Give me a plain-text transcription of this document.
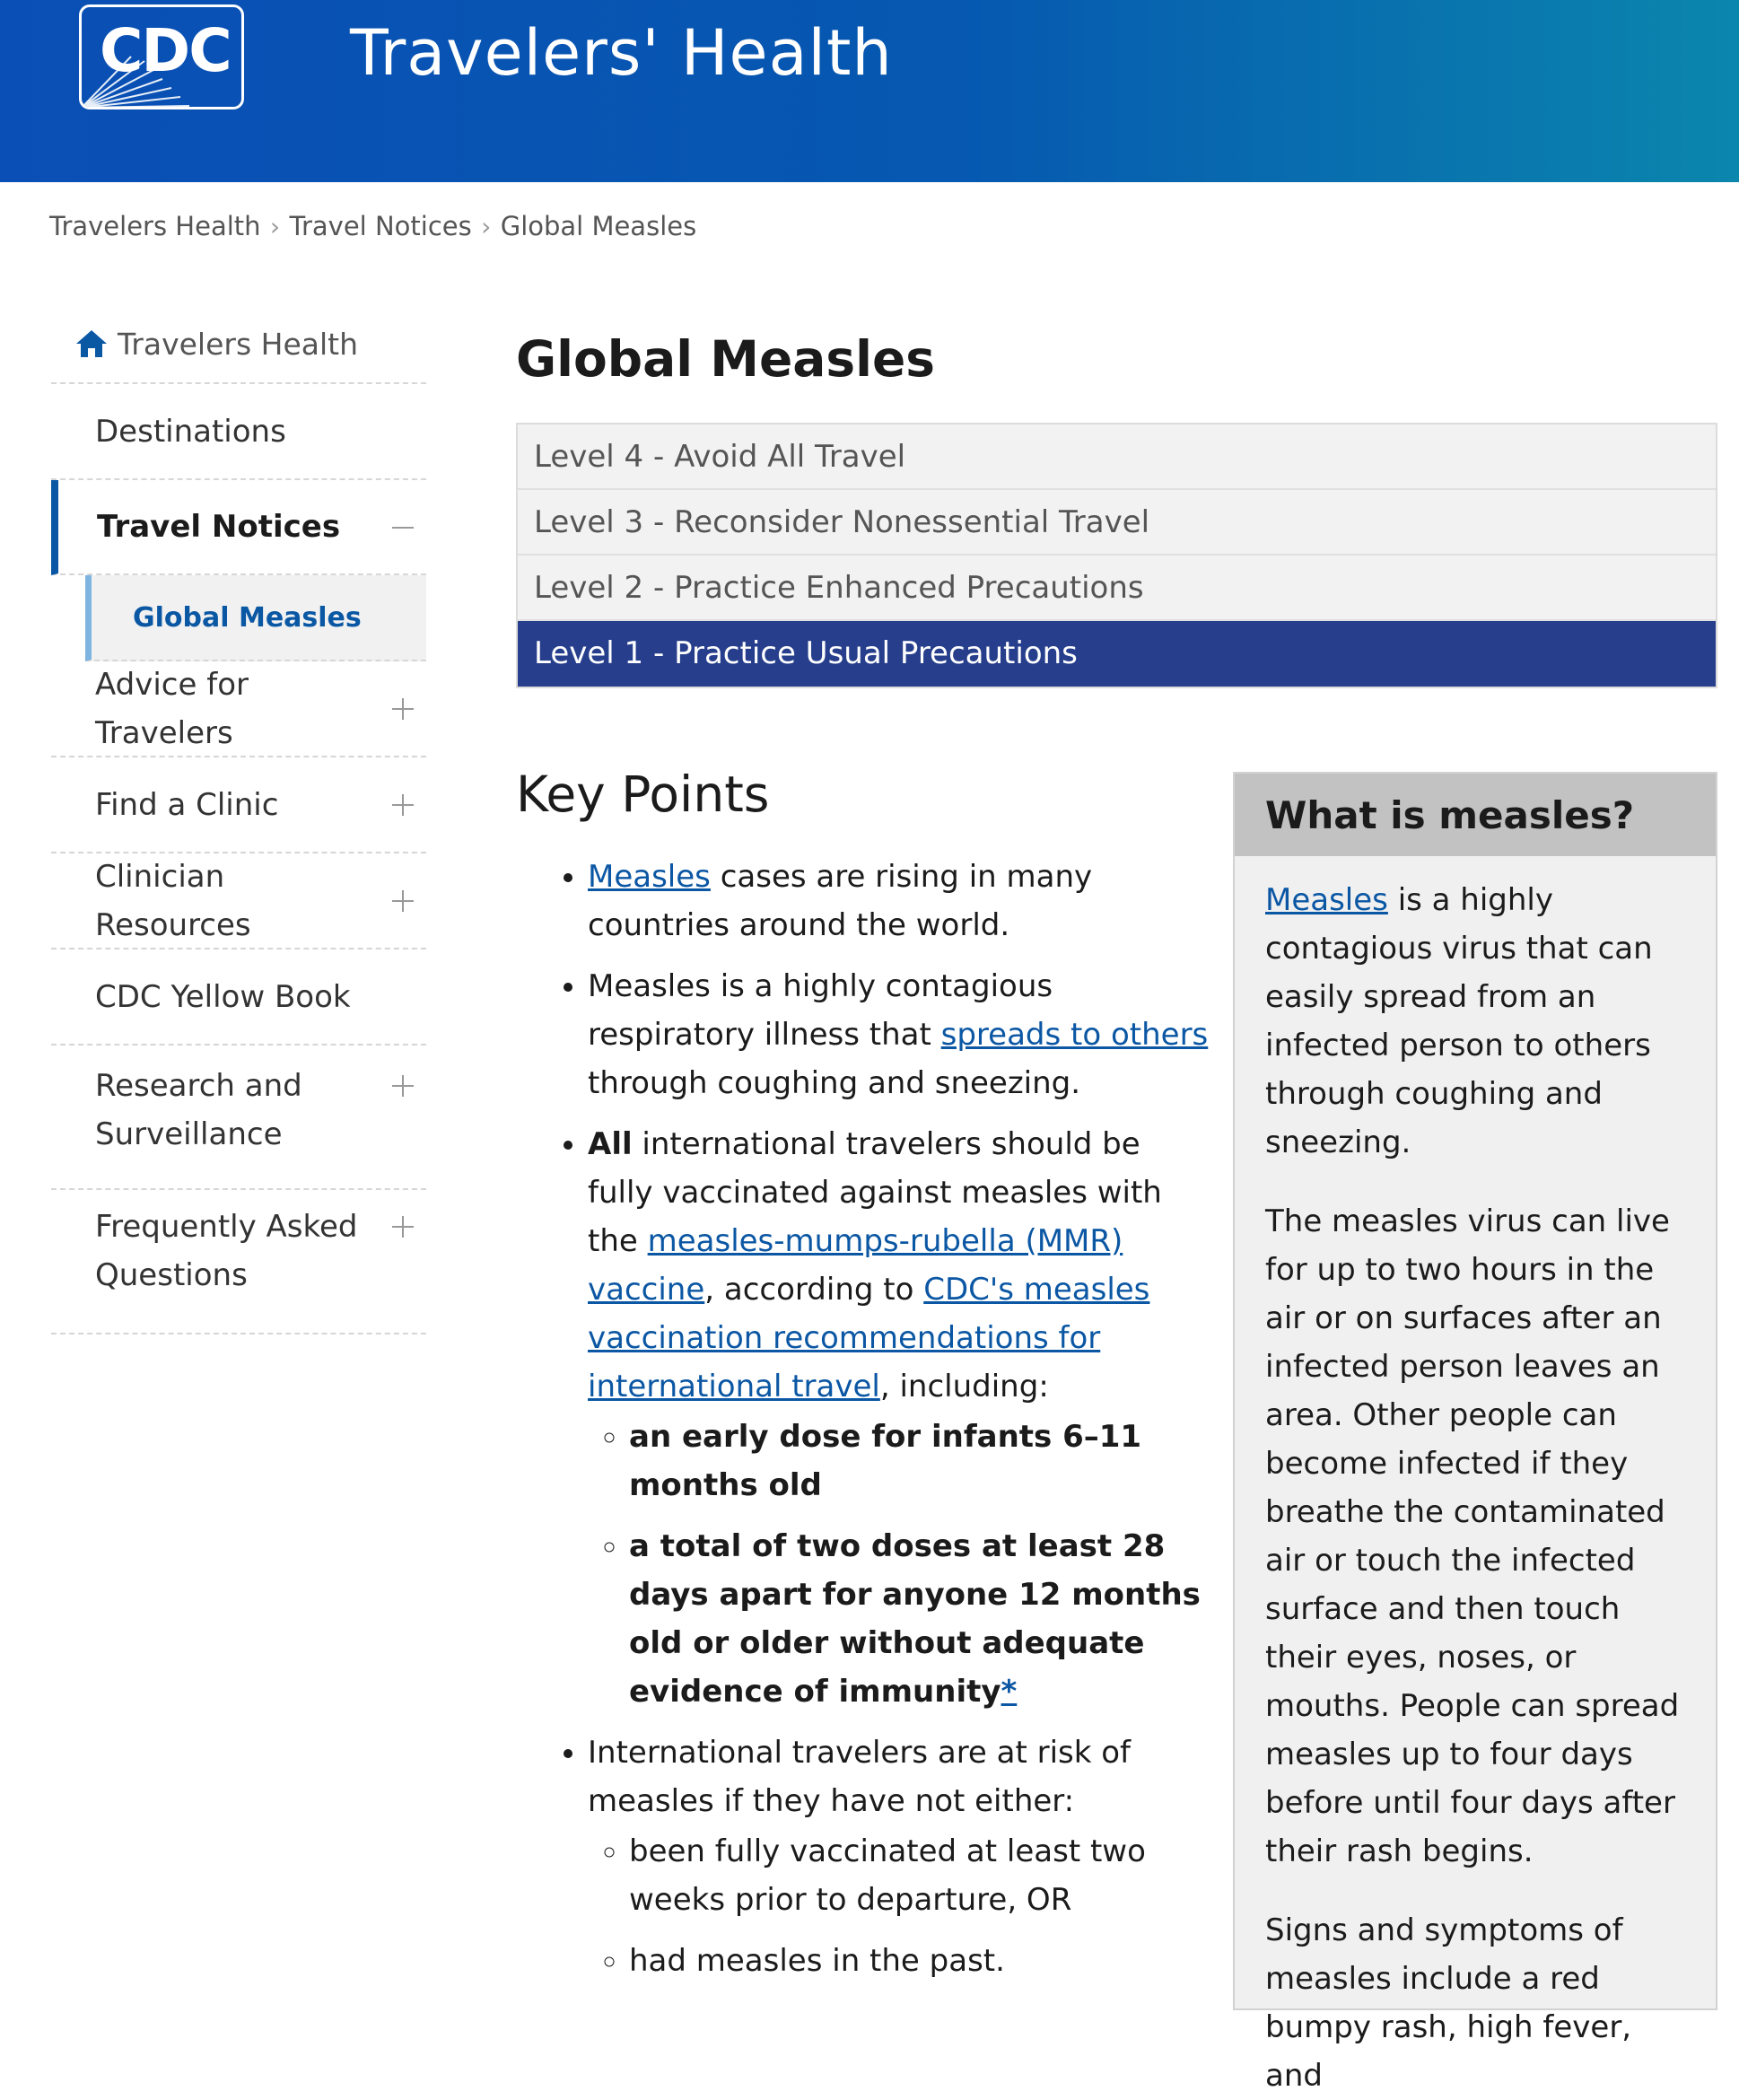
CDC Travelers' Health
Travelers Health › Travel Notices › Global Measles
Travelers Health
Destinations
Travel Notices
Global Measles
Advice for Travelers
Find a Clinic
Clinician Resources
CDC Yellow Book
Research and Surveillance
Frequently Asked Questions
Global Measles
Level 4 - Avoid All Travel
Level 3 - Reconsider Nonessential Travel
Level 2 - Practice Enhanced Precautions
Level 1 - Practice Usual Precautions
Key Points
• Measles cases are rising in many countries around the world.
• Measles is a highly contagious respiratory illness that spreads to others through coughing and sneezing.
• All international travelers should be fully vaccinated against measles with the measles-mumps-rubella (MMR) vaccine, according to CDC's measles vaccination recommendations for international travel, including:
◦ an early dose for infants 6–11 months old
◦ a total of two doses at least 28 days apart for anyone 12 months old or older without adequate evidence of immunity*
• International travelers are at risk of measles if they have not either:
◦ been fully vaccinated at least two weeks prior to departure, OR
◦ had measles in the past.
What is measles?

Measles is a highly contagious virus that can easily spread from an infected person to others through coughing and sneezing.

The measles virus can live for up to two hours in the air or on surfaces after an infected person leaves an area. Other people can become infected if they breathe the contaminated air or touch the infected surface and then touch their eyes, noses, or mouths. People can spread measles up to four days before until four days after their rash begins.

Signs and symptoms of measles include a red bumpy rash, high fever, and
